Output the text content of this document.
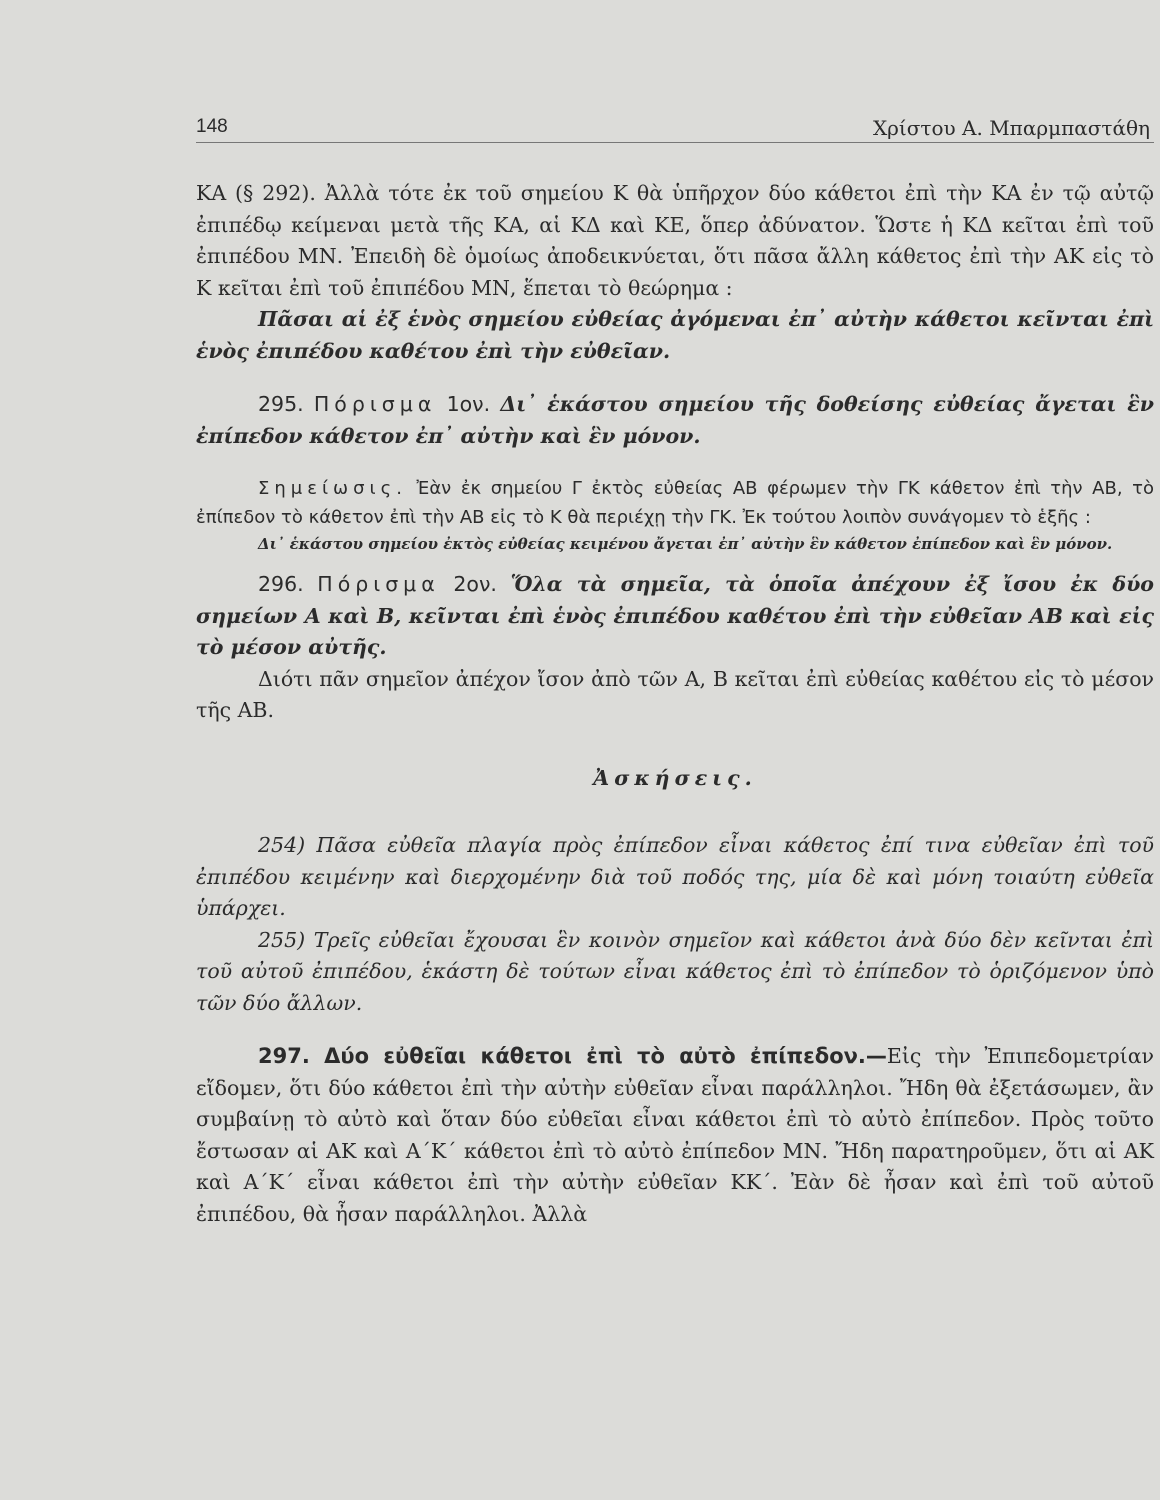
148	Χρίστου Α. Μπαρμπαστάθη

ΚΑ (§ 292). Ἀλλὰ τότε ἐκ τοῦ σημείου Κ θὰ ὑπῆρχον δύο κάθετοι ἐπὶ τὴν ΚΑ ἐν τῷ αὐτῷ ἐπιπέδῳ κείμεναι μετὰ τῆς ΚΑ, αἱ ΚΔ καὶ ΚΕ, ὅπερ ἀδύνατον. Ὥστε ἡ ΚΔ κεῖται ἐπὶ τοῦ ἐπιπέδου ΜΝ. Ἐπειδὴ δὲ ὁμοίως ἀποδεικνύεται, ὅτι πᾶσα ἄλλη κάθετος ἐπὶ τὴν ΑΚ εἰς τὸ Κ κεῖται ἐπὶ τοῦ ἐπιπέδου ΜΝ, ἕπεται τὸ θεώρημα :

Πᾶσαι αἱ ἐξ ἑνὸς σημείου εὐθείας ἀγόμεναι ἐπ᾿ αὐτὴν κάθετοι κεῖνται ἐπὶ ἑνὸς ἐπιπέδου καθέτου ἐπὶ τὴν εὐθεῖαν.

295. Πόρισμα 1ον. Δι᾿ ἑκάστου σημείου τῆς δοθείσης εὐθείας ἄγεται ἓν ἐπίπεδον κάθετον ἐπ᾿ αὐτὴν καὶ ἓν μόνον.

Σημείωσις. Ἐὰν ἐκ σημείου Γ ἐκτὸς εὐθείας ΑΒ φέρωμεν τὴν ΓΚ κάθετον ἐπὶ τὴν ΑΒ, τὸ ἐπίπεδον τὸ κάθετον ἐπὶ τὴν ΑΒ εἰς τὸ Κ θὰ περιέχῃ τὴν ΓΚ. Ἐκ τούτου λοιπὸν συνάγομεν τὸ ἑξῆς :

Δι᾿ ἑκάστου σημείου ἐκτὸς εὐθείας κειμένου ἄγεται ἐπ᾿ αὐτὴν ἓν κάθετον ἐπίπεδον καὶ ἓν μόνον.

296. Πόρισμα 2ον. Ὅλα τὰ σημεῖα, τὰ ὁποῖα ἀπέχουν ἐξ ἴσου ἐκ δύο σημείων Α καὶ Β, κεῖνται ἐπὶ ἑνὸς ἐπιπέδου καθέτου ἐπὶ τὴν εὐθεῖαν ΑΒ καὶ εἰς τὸ μέσον αὐτῆς.

Διότι πᾶν σημεῖον ἀπέχον ἴσον ἀπὸ τῶν Α, Β κεῖται ἐπὶ εὐθείας καθέτου εἰς τὸ μέσον τῆς ΑΒ.

Ἀσκήσεις.

254) Πᾶσα εὐθεῖα πλαγία πρὸς ἐπίπεδον εἶναι κάθετος ἐπί τινα εὐθεῖαν ἐπὶ τοῦ ἐπιπέδου κειμένην καὶ διερχομένην διὰ τοῦ ποδός της, μία δὲ καὶ μόνη τοιαύτη εὐθεῖα ὑπάρχει.

255) Τρεῖς εὐθεῖαι ἔχουσαι ἓν κοινὸν σημεῖον καὶ κάθετοι ἀνὰ δύο δὲν κεῖνται ἐπὶ τοῦ αὐτοῦ ἐπιπέδου, ἑκάστη δὲ τούτων εἶναι κάθετος ἐπὶ τὸ ἐπίπεδον τὸ ὁριζόμενον ὑπὸ τῶν δύο ἄλλων.

297. Δύο εὐθεῖαι κάθετοι ἐπὶ τὸ αὐτὸ ἐπίπεδον.—Εἰς τὴν Ἐπιπεδομετρίαν εἴδομεν, ὅτι δύο κάθετοι ἐπὶ τὴν αὐτὴν εὐθεῖαν εἶναι παράλληλοι. Ἤδη θὰ ἐξετάσωμεν, ἂν συμβαίνῃ τὸ αὐτὸ καὶ ὅταν δύο εὐθεῖαι εἶναι κάθετοι ἐπὶ τὸ αὐτὸ ἐπίπεδον. Πρὸς τοῦτο ἔστωσαν αἱ ΑΚ καὶ Α΄Κ΄ κάθετοι ἐπὶ τὸ αὐτὸ ἐπίπεδον ΜΝ. Ἤδη παρατηροῦμεν, ὅτι αἱ ΑΚ καὶ Α΄Κ΄ εἶναι κάθετοι ἐπὶ τὴν αὐτὴν εὐθεῖαν ΚΚ΄. Ἐὰν δὲ ἦσαν καὶ ἐπὶ τοῦ αὐτοῦ ἐπιπέδου, θὰ ἦσαν παράλληλοι. Ἀλλὰ
